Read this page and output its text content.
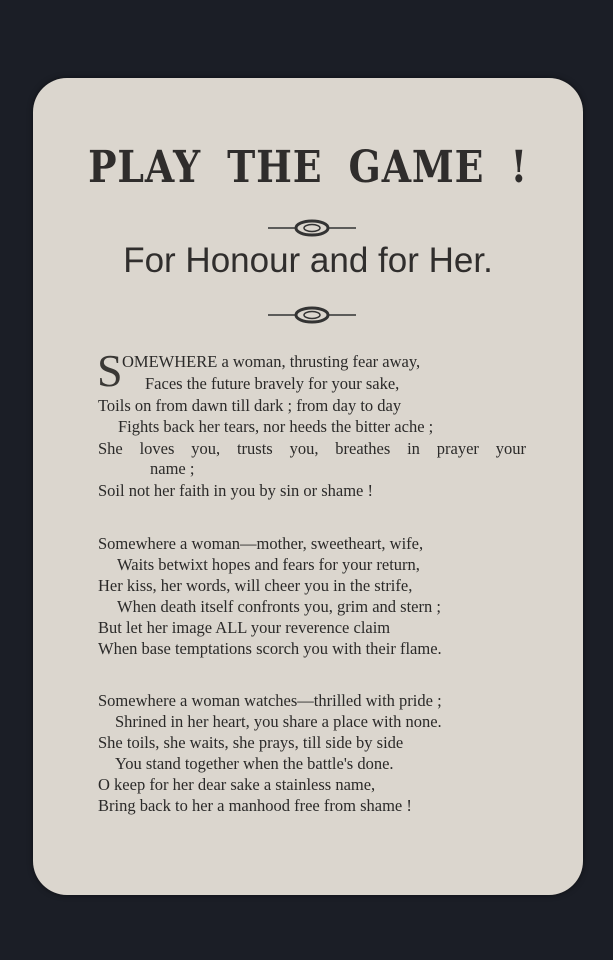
PLAY THE GAME !
For Honour and for Her.
S OMEWHERE a woman, thrusting fear away,
Faces the future bravely for your sake,
Toils on from dawn till dark ; from day to day
Fights back her tears, nor heeds the bitter ache ;
She loves you, trusts you, breathes in prayer your
name ;
Soil not her faith in you by sin or shame !
Somewhere a woman—mother, sweetheart, wife,
Waits betwixt hopes and fears for your return,
Her kiss, her words, will cheer you in the strife,
When death itself confronts you, grim and stern ;
But let her image ALL your reverence claim
When base temptations scorch you with their flame.
Somewhere a woman watches—thrilled with pride ;
Shrined in her heart, you share a place with none.
She toils, she waits, she prays, till side by side
You stand together when the battle's done.
O keep for her dear sake a stainless name,
Bring back to her a manhood free from shame !
